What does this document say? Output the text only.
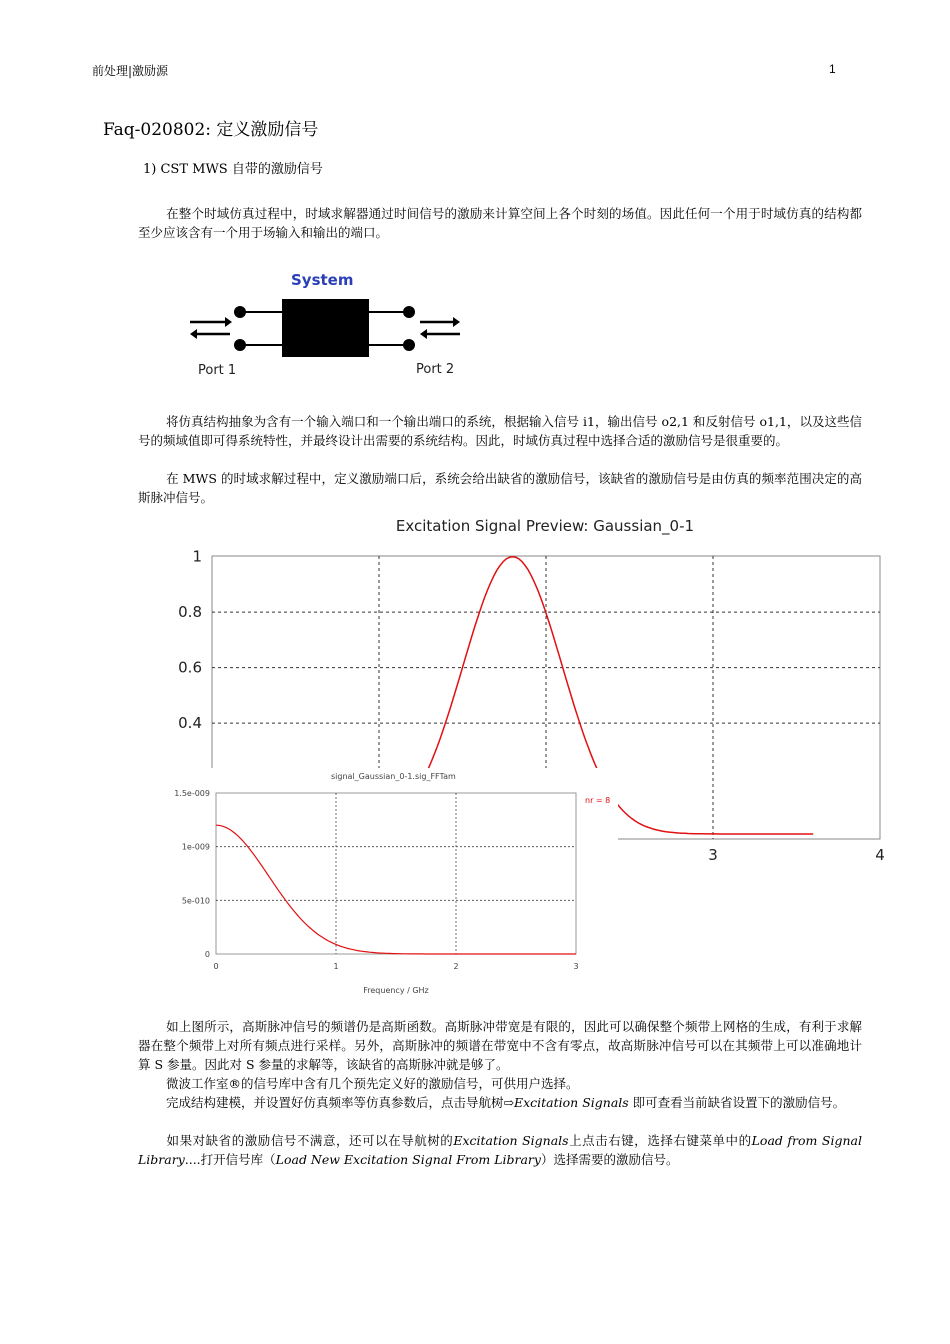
前处理|激励源	1
Faq-020802: 定义激励信号
1) CST MWS 自带的激励信号
在整个时域仿真过程中，时域求解器通过时间信号的激励来计算空间上各个时刻的场值。因此任何一个用于时域仿真的结构都至少应该含有一个用于场输入和输出的端口。
System
Port 1	Port 2
将仿真结构抽象为含有一个输入端口和一个输出端口的系统，根据输入信号 i1，输出信号 o2,1 和反射信号 o1,1，以及这些信号的频域值即可得系统特性，并最终设计出需要的系统结构。因此，时域仿真过程中选择合适的激励信号是很重要的。
在 MWS 的时域求解过程中，定义激励端口后，系统会给出缺省的激励信号，该缺省的激励信号是由仿真的频率范围决定的高斯脉冲信号。
Excitation Signal Preview: Gaussian_0-1
1
0.8
0.6
0.4
3	4
signal_Gaussian_0-1.sig_FFTam
nr = 8
1.5e-009
1e-009
5e-010
0
0	1	2	3
Frequency / GHz
如上图所示，高斯脉冲信号的频谱仍是高斯函数。高斯脉冲带宽是有限的，因此可以确保整个频带上网格的生成，有利于求解器在整个频带上对所有频点进行采样。另外，高斯脉冲的频谱在带宽中不含有零点，故高斯脉冲信号可以在其频带上可以准确地计算 S 参量。因此对 S 参量的求解等，该缺省的高斯脉冲就是够了。
微波工作室®的信号库中含有几个预先定义好的激励信号，可供用户选择。
完成结构建模，并设置好仿真频率等仿真参数后，点击导航树⇨Excitation Signals 即可查看当前缺省设置下的激励信号。
如果对缺省的激励信号不满意，还可以在导航树的Excitation Signals上点击右键，选择右键菜单中的Load from Signal Library....打开信号库（Load New Excitation Signal From Library）选择需要的激励信号。
